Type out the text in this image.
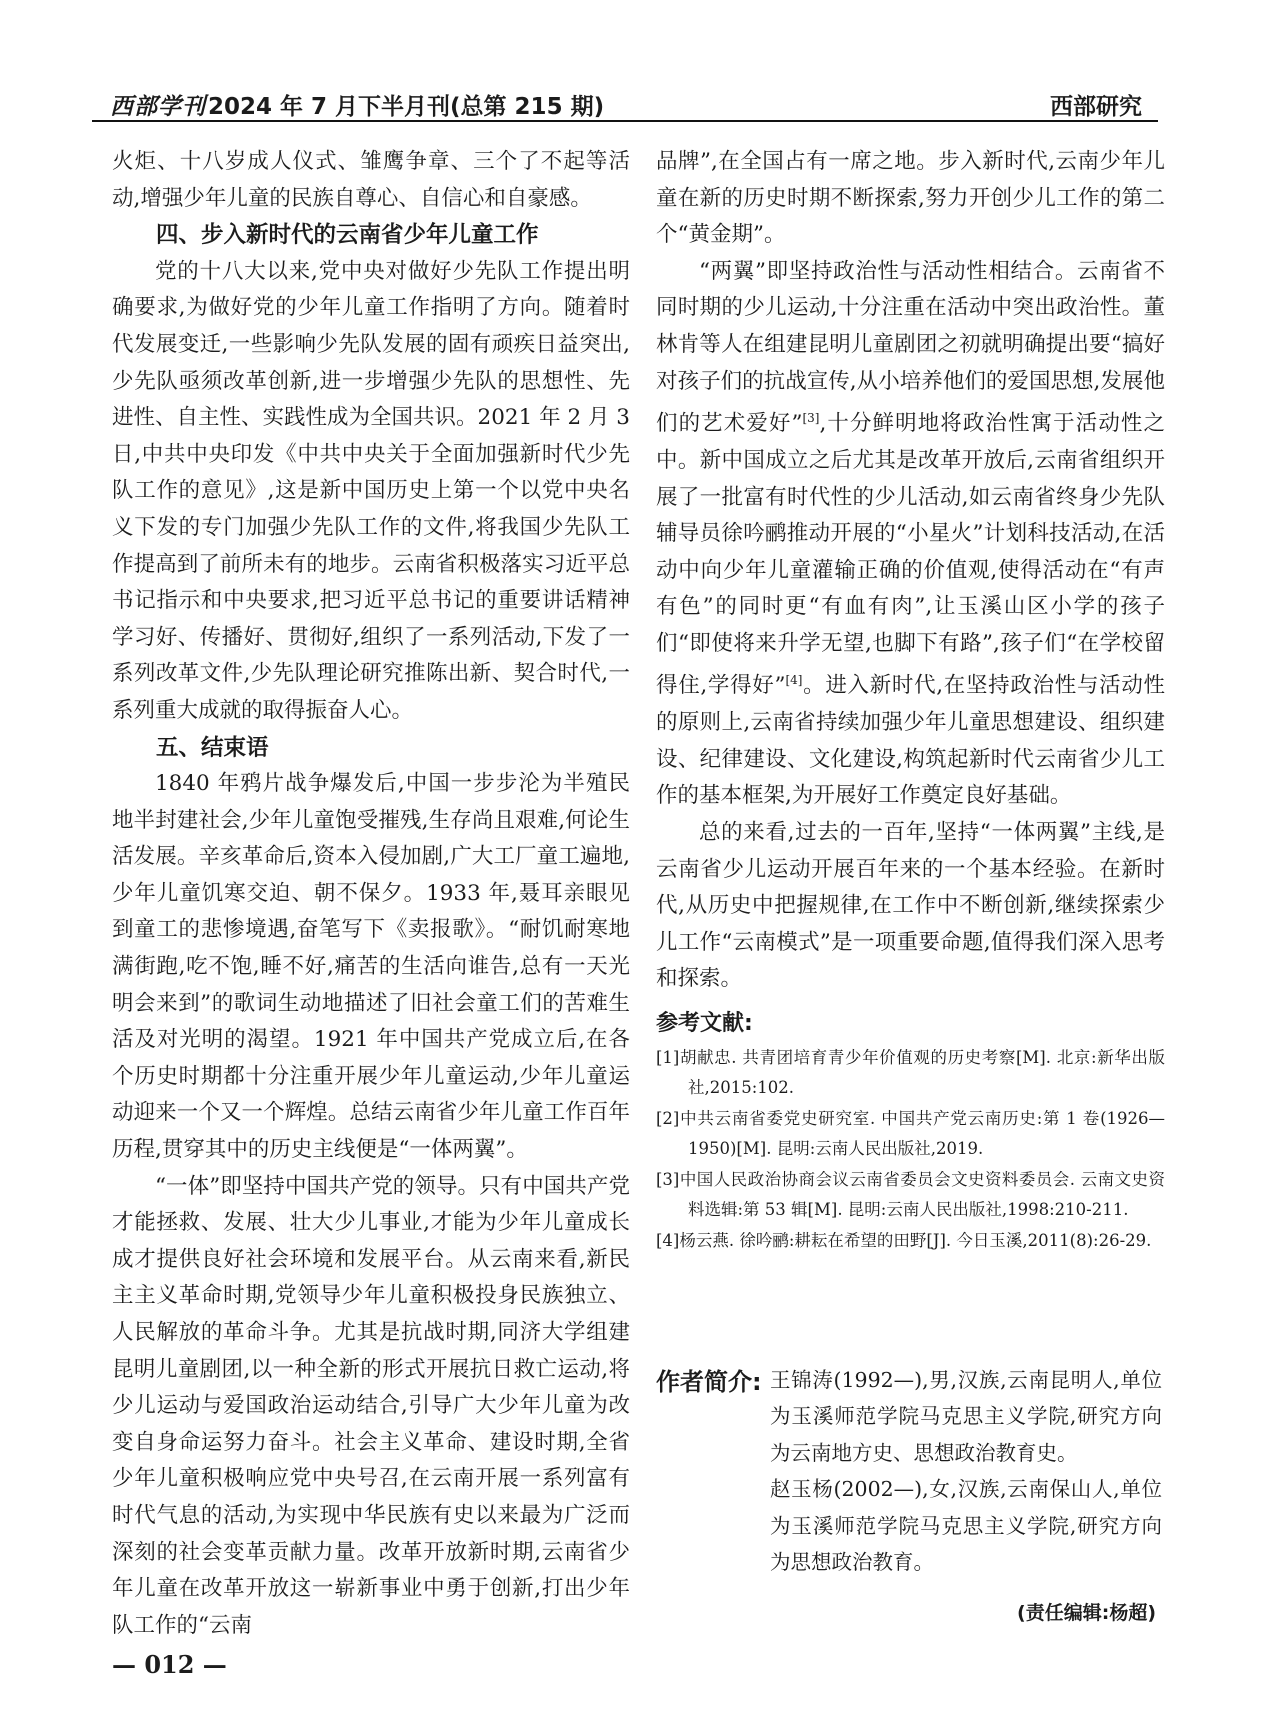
西部学刊2024 年 7 月下半月刊(总第 215 期)	西部研究

火炬、十八岁成人仪式、雏鹰争章、三个了不起等活动,增强少年儿童的民族自尊心、自信心和自豪感。

四、步入新时代的云南省少年儿童工作

党的十八大以来,党中央对做好少先队工作提出明确要求,为做好党的少年儿童工作指明了方向。随着时代发展变迁,一些影响少先队发展的固有顽疾日益突出,少先队亟须改革创新,进一步增强少先队的思想性、先进性、自主性、实践性成为全国共识。2021 年 2 月 3 日,中共中央印发《中共中央关于全面加强新时代少先队工作的意见》,这是新中国历史上第一个以党中央名义下发的专门加强少先队工作的文件,将我国少先队工作提高到了前所未有的地步。云南省积极落实习近平总书记指示和中央要求,把习近平总书记的重要讲话精神学习好、传播好、贯彻好,组织了一系列活动,下发了一系列改革文件,少先队理论研究推陈出新、契合时代,一系列重大成就的取得振奋人心。

五、结束语

1840 年鸦片战争爆发后,中国一步步沦为半殖民地半封建社会,少年儿童饱受摧残,生存尚且艰难,何论生活发展。辛亥革命后,资本入侵加剧,广大工厂童工遍地,少年儿童饥寒交迫、朝不保夕。1933 年,聂耳亲眼见到童工的悲惨境遇,奋笔写下《卖报歌》。“耐饥耐寒地满街跑,吃不饱,睡不好,痛苦的生活向谁告,总有一天光明会来到”的歌词生动地描述了旧社会童工们的苦难生活及对光明的渴望。1921 年中国共产党成立后,在各个历史时期都十分注重开展少年儿童运动,少年儿童运动迎来一个又一个辉煌。总结云南省少年儿童工作百年历程,贯穿其中的历史主线便是“一体两翼”。

“一体”即坚持中国共产党的领导。只有中国共产党才能拯救、发展、壮大少儿事业,才能为少年儿童成长成才提供良好社会环境和发展平台。从云南来看,新民主主义革命时期,党领导少年儿童积极投身民族独立、人民解放的革命斗争。尤其是抗战时期,同济大学组建昆明儿童剧团,以一种全新的形式开展抗日救亡运动,将少儿运动与爱国政治运动结合,引导广大少年儿童为改变自身命运努力奋斗。社会主义革命、建设时期,全省少年儿童积极响应党中央号召,在云南开展一系列富有时代气息的活动,为实现中华民族有史以来最为广泛而深刻的社会变革贡献力量。改革开放新时期,云南省少年儿童在改革开放这一崭新事业中勇于创新,打出少年队工作的“云南

品牌”,在全国占有一席之地。步入新时代,云南少年儿童在新的历史时期不断探索,努力开创少儿工作的第二个“黄金期”。

“两翼”即坚持政治性与活动性相结合。云南省不同时期的少儿运动,十分注重在活动中突出政治性。董林肯等人在组建昆明儿童剧团之初就明确提出要“搞好对孩子们的抗战宣传,从小培养他们的爱国思想,发展他们的艺术爱好”[3],十分鲜明地将政治性寓于活动性之中。新中国成立之后尤其是改革开放后,云南省组织开展了一批富有时代性的少儿活动,如云南省终身少先队辅导员徐吟鹂推动开展的“小星火”计划科技活动,在活动中向少年儿童灌输正确的价值观,使得活动在“有声有色”的同时更“有血有肉”,让玉溪山区小学的孩子们“即使将来升学无望,也脚下有路”,孩子们“在学校留得住,学得好”[4]。进入新时代,在坚持政治性与活动性的原则上,云南省持续加强少年儿童思想建设、组织建设、纪律建设、文化建设,构筑起新时代云南省少儿工作的基本框架,为开展好工作奠定良好基础。

总的来看,过去的一百年,坚持“一体两翼”主线,是云南省少儿运动开展百年来的一个基本经验。在新时代,从历史中把握规律,在工作中不断创新,继续探索少儿工作“云南模式”是一项重要命题,值得我们深入思考和探索。

参考文献:
[1]胡献忠. 共青团培育青少年价值观的历史考察[M]. 北京:新华出版社,2015:102.
[2]中共云南省委党史研究室. 中国共产党云南历史:第 1 卷(1926—1950)[M]. 昆明:云南人民出版社,2019.
[3]中国人民政治协商会议云南省委员会文史资料委员会. 云南文史资料选辑:第 53 辑[M]. 昆明:云南人民出版社,1998:210-211.
[4]杨云燕. 徐吟鹂:耕耘在希望的田野[J]. 今日玉溪,2011(8):26-29.
作者简介: 王锦涛(1992—),男,汉族,云南昆明人,单位为玉溪师范学院马克思主义学院,研究方向为云南地方史、思想政治教育史。

赵玉杨(2002—),女,汉族,云南保山人,单位为玉溪师范学院马克思主义学院,研究方向为思想政治教育。

(责任编辑:杨超)
— 012 —
